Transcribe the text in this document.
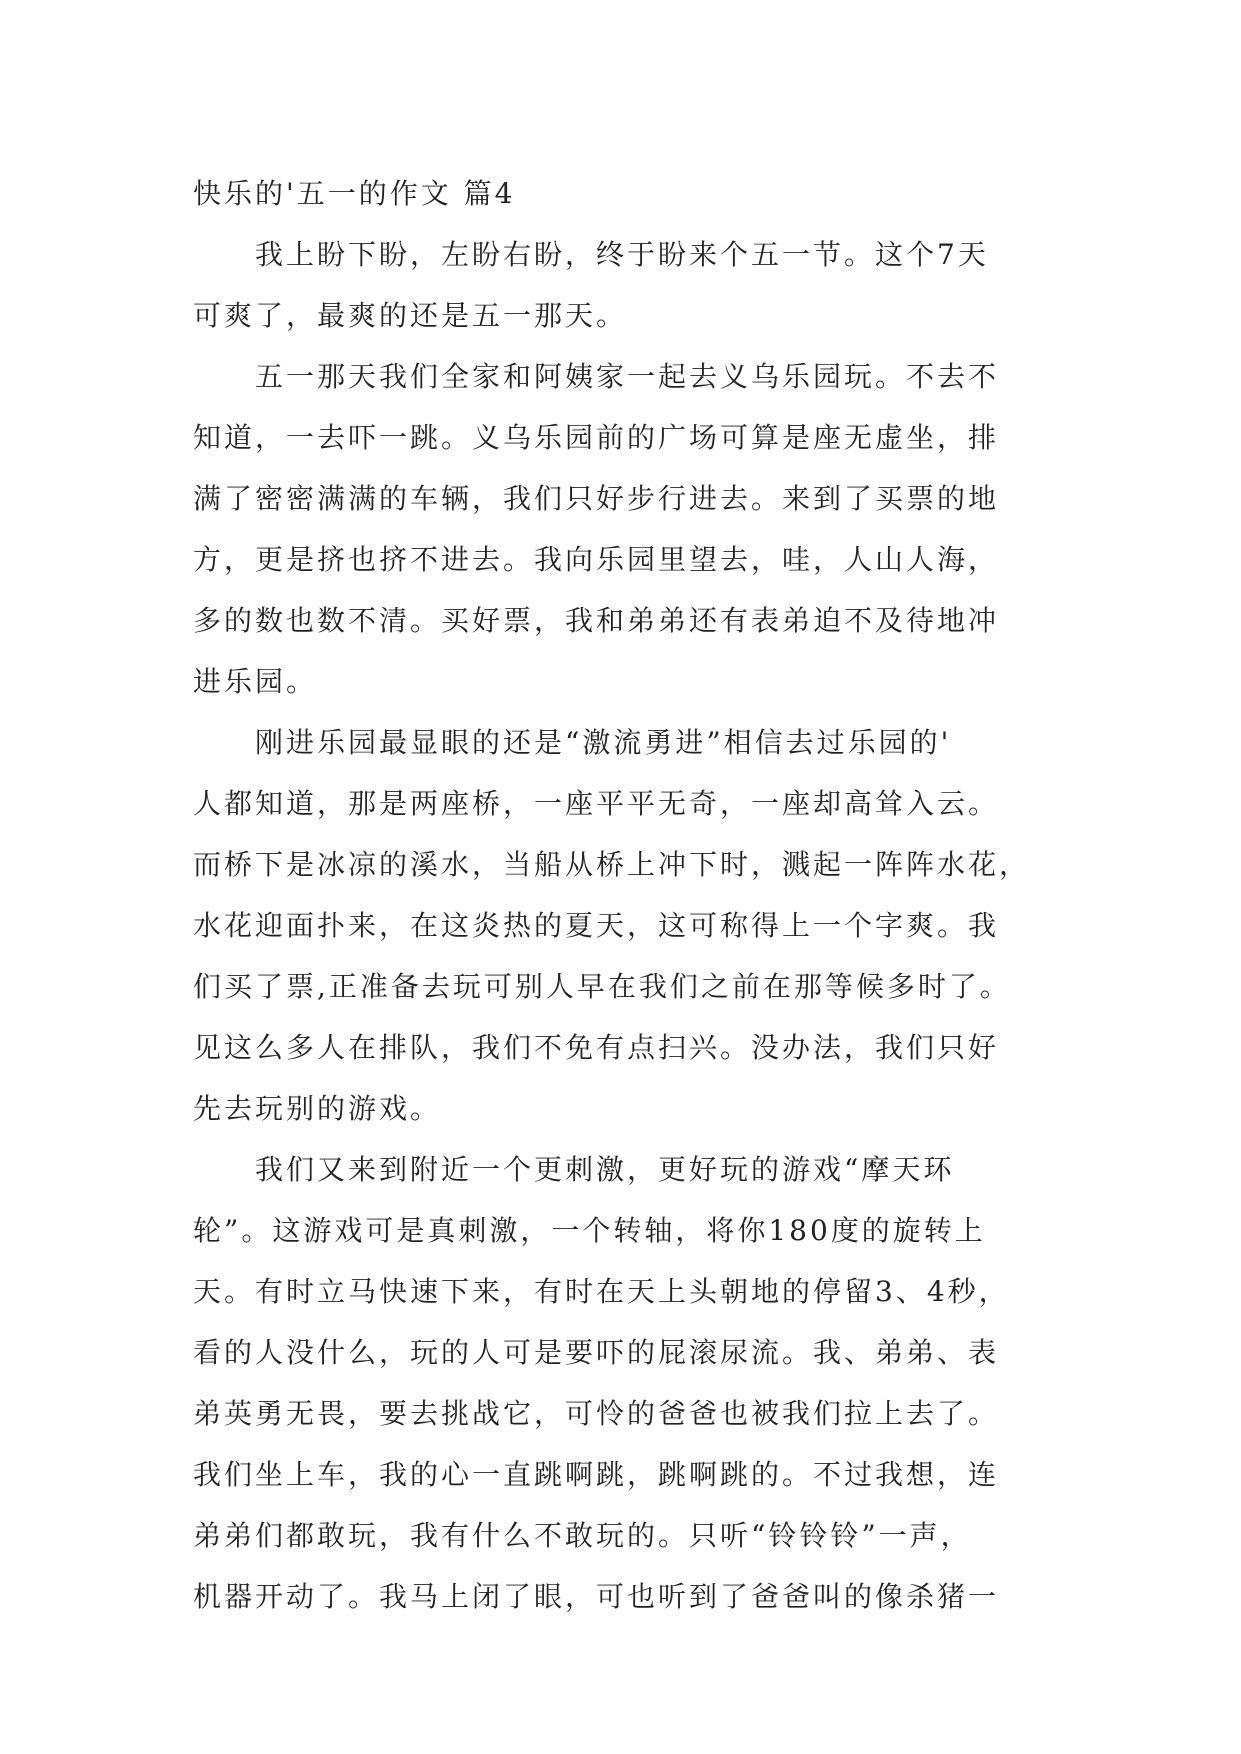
快乐的'五一的作文 篇4
我上盼下盼，左盼右盼，终于盼来个五一节。这个7天
可爽了，最爽的还是五一那天。
五一那天我们全家和阿姨家一起去义乌乐园玩。不去不
知道，一去吓一跳。义乌乐园前的广场可算是座无虚坐，排
满了密密满满的车辆，我们只好步行进去。来到了买票的地
方，更是挤也挤不进去。我向乐园里望去，哇，人山人海，
多的数也数不清。买好票，我和弟弟还有表弟迫不及待地冲
进乐园。
刚进乐园最显眼的还是“激流勇进”相信去过乐园的'
人都知道，那是两座桥，一座平平无奇，一座却高耸入云。
而桥下是冰凉的溪水，当船从桥上冲下时，溅起一阵阵水花，
水花迎面扑来，在这炎热的夏天，这可称得上一个字爽。我
们买了票,正准备去玩可别人早在我们之前在那等候多时了。
见这么多人在排队，我们不免有点扫兴。没办法，我们只好
先去玩别的游戏。
我们又来到附近一个更刺激，更好玩的游戏“摩天环
轮”。这游戏可是真刺激，一个转轴，将你180度的旋转上
天。有时立马快速下来，有时在天上头朝地的停留3、4秒，
看的人没什么，玩的人可是要吓的屁滚尿流。我、弟弟、表
弟英勇无畏，要去挑战它，可怜的爸爸也被我们拉上去了。
我们坐上车，我的心一直跳啊跳，跳啊跳的。不过我想，连
弟弟们都敢玩，我有什么不敢玩的。只听“铃铃铃”一声，
机器开动了。我马上闭了眼，可也听到了爸爸叫的像杀猪一
